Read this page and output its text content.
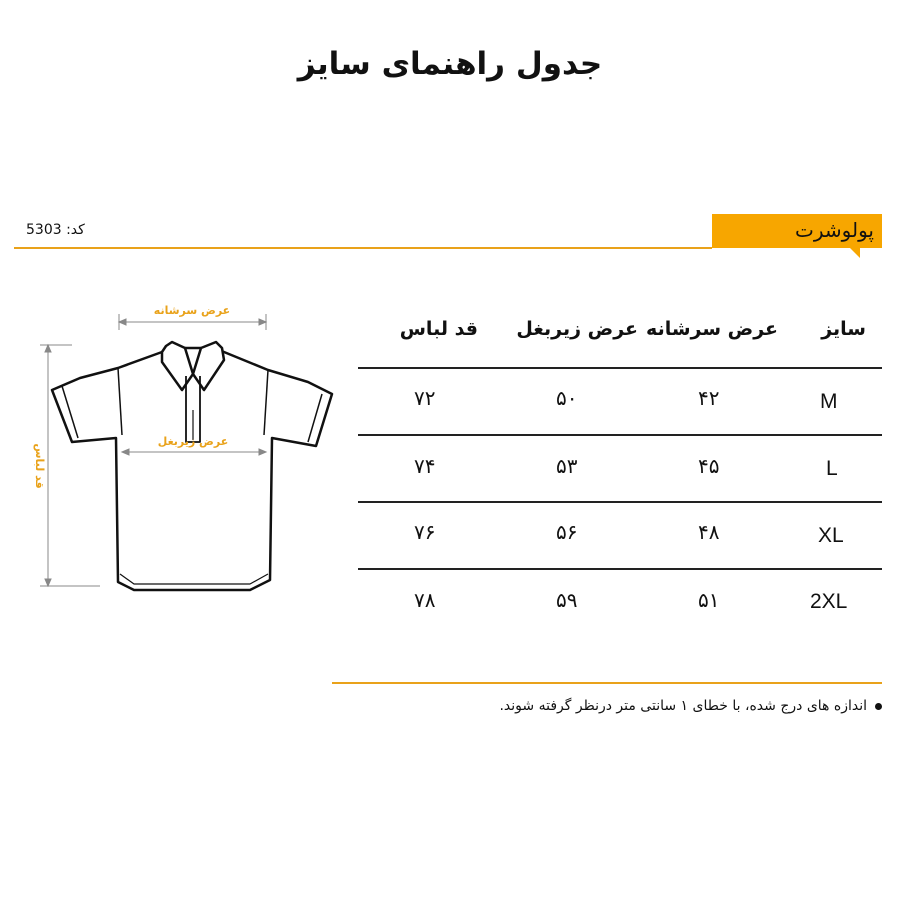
جدول راهنمای سایز
کد: 5303	پولوشرت
عرض سرشانه
قد لباس
عرض زیربغل
سایز
عرض سرشانه
عرض زیربغل
قد لباس
M
۴۲
۵۰
۷۲
L
۴۵
۵۳
۷۴
XL
۴۸
۵۶
۷۶
2XL
۵۱
۵۹
۷۸
اندازه های درج شده، با خطای ۱ سانتی متر درنظر گرفته شوند.
